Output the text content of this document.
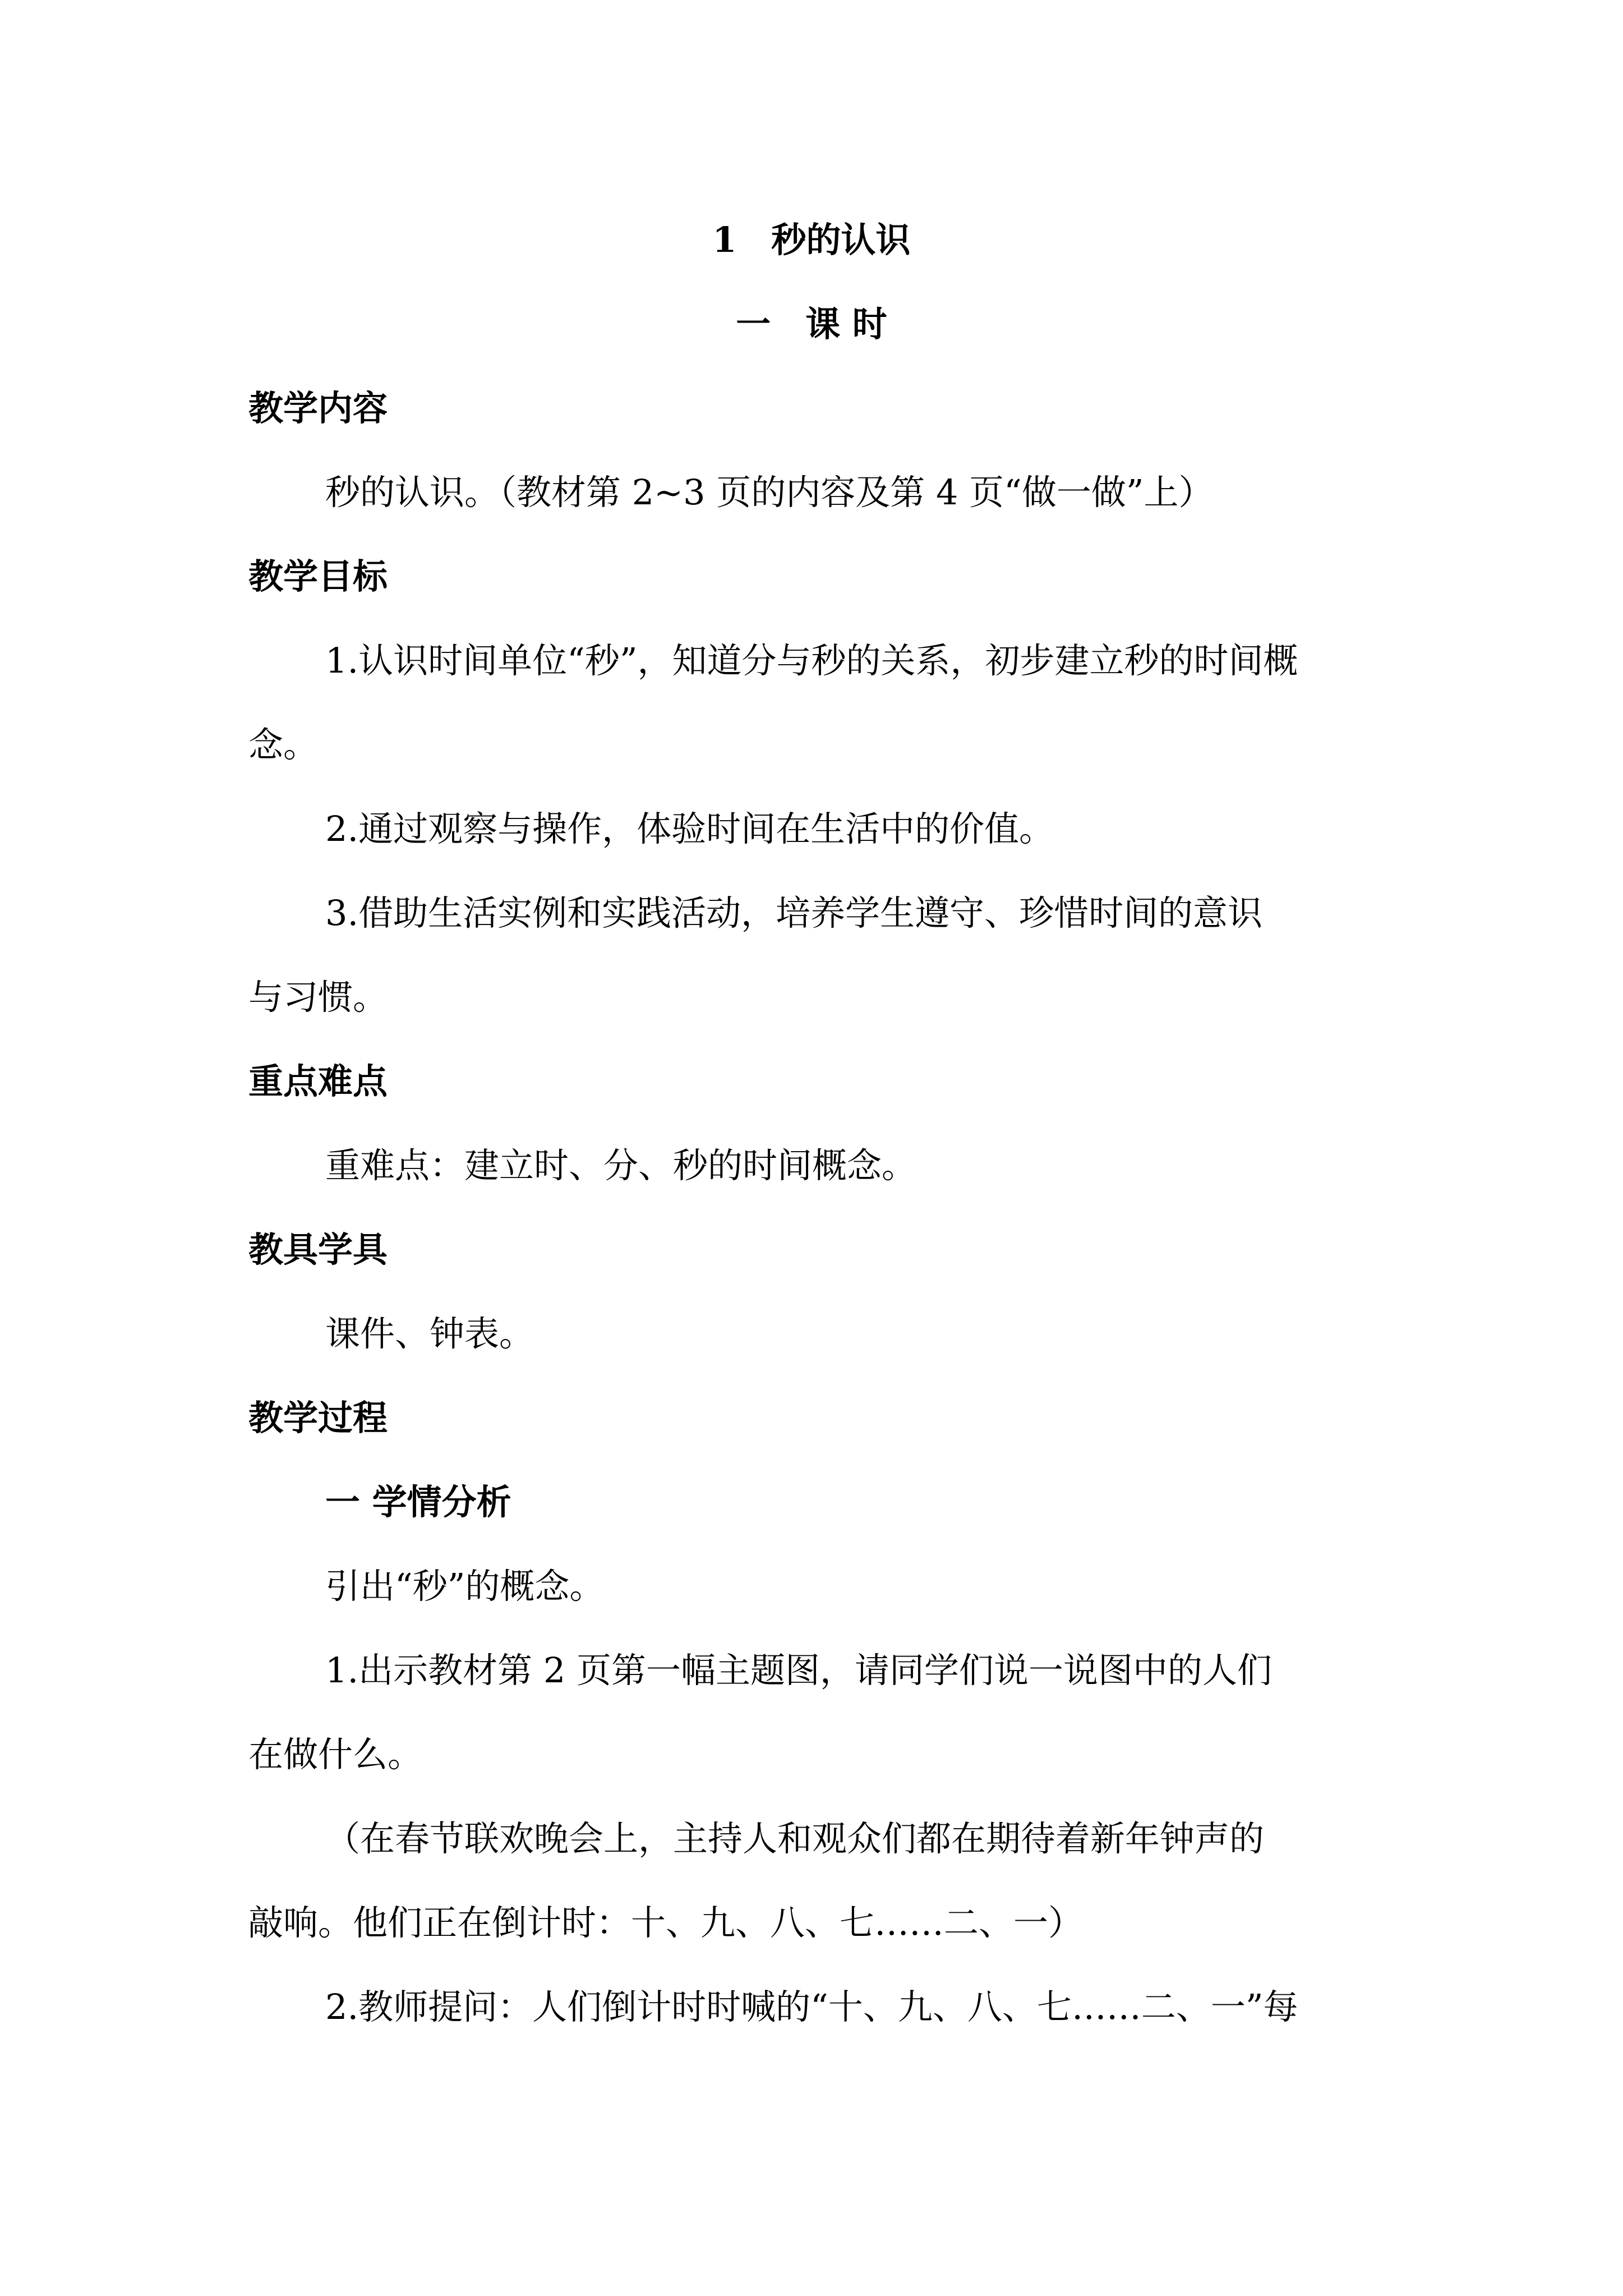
1　秒的认识
一　课 时
教学内容
秒的认识。（教材第 2~3 页的内容及第 4 页“做一做”上）
教学目标
1.认识时间单位“秒”，知道分与秒的关系，初步建立秒的时间概
念。
2.通过观察与操作，体验时间在生活中的价值。
3.借助生活实例和实践活动，培养学生遵守、珍惜时间的意识
与习惯。
重点难点
重难点：建立时、分、秒的时间概念。
教具学具
课件、钟表。
教学过程
一 学情分析
引出“秒”的概念。
1.出示教材第 2 页第一幅主题图，请同学们说一说图中的人们
在做什么。
（在春节联欢晚会上，主持人和观众们都在期待着新年钟声的
敲响。他们正在倒计时：十、九、八、七……二、一）
2.教师提问：人们倒计时时喊的“十、九、八、七……二、一”每
